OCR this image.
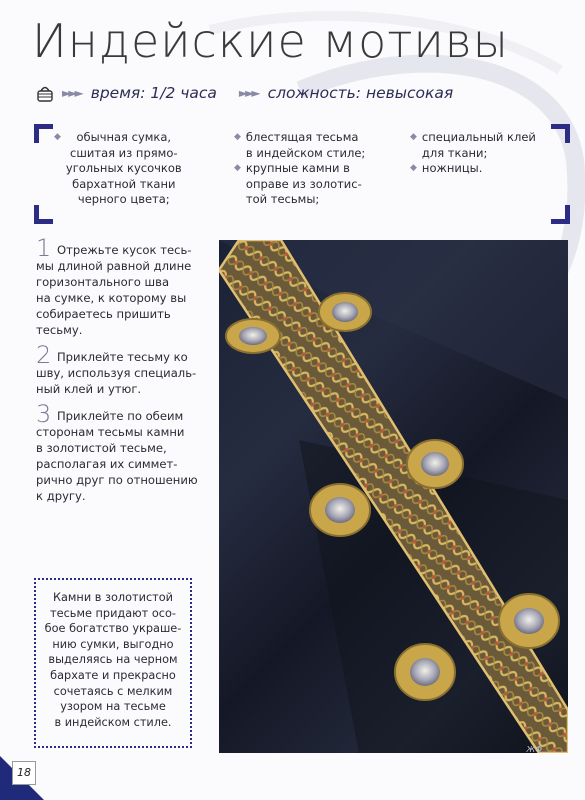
Индейские мотивы
►►► время: 1/2 часа ►►► сложность: невысокая
◆	обычная сумка,
сшитая из прямо-
угольных кусочков
бархатной ткани
черного цвета;
◆ блестящая тесьма
в индейском стиле;
◆ крупные камни в
оправе из золотис-
той тесьмы;
◆ специальный клей
для ткани;
◆ ножницы.
1 Отрежьте кусок тесь-
мы длиной равной длине
горизонтального шва
на сумке, к которому вы
собираетесь пришить
тесьму.
2 Приклейте тесьму ко
шву, используя специаль-
ный клей и утюг.
3 Приклейте по обеим
сторонам тесьмы камни
в золотистой тесьме,
располагая их симмет-
рично друг по отношению
к другу.
ЖФ
Камни в золотистой
тесьме придают осо-
бое богатство украше-
нию сумки, выгодно
выделяясь на черном
бархате и прекрасно
сочетаясь с мелким
узором на тесьме
в индейском стиле.
18
